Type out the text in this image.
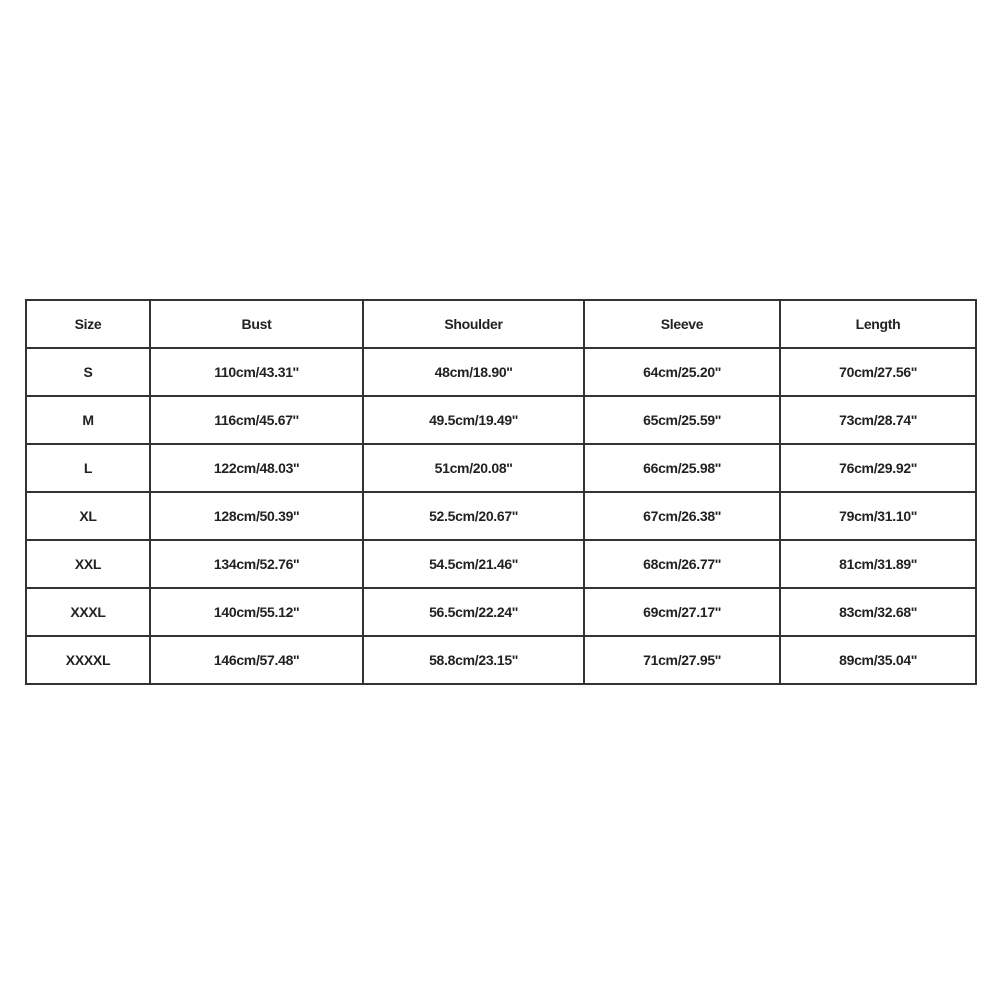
Size	Bust	Shoulder	Sleeve	Length
S	110cm/43.31''	48cm/18.90''	64cm/25.20''	70cm/27.56''
M	116cm/45.67''	49.5cm/19.49''	65cm/25.59''	73cm/28.74''
L	122cm/48.03''	51cm/20.08''	66cm/25.98''	76cm/29.92''
XL	128cm/50.39''	52.5cm/20.67''	67cm/26.38''	79cm/31.10''
XXL	134cm/52.76''	54.5cm/21.46''	68cm/26.77''	81cm/31.89''
XXXL	140cm/55.12''	56.5cm/22.24''	69cm/27.17''	83cm/32.68''
XXXXL	146cm/57.48''	58.8cm/23.15''	71cm/27.95''	89cm/35.04''
